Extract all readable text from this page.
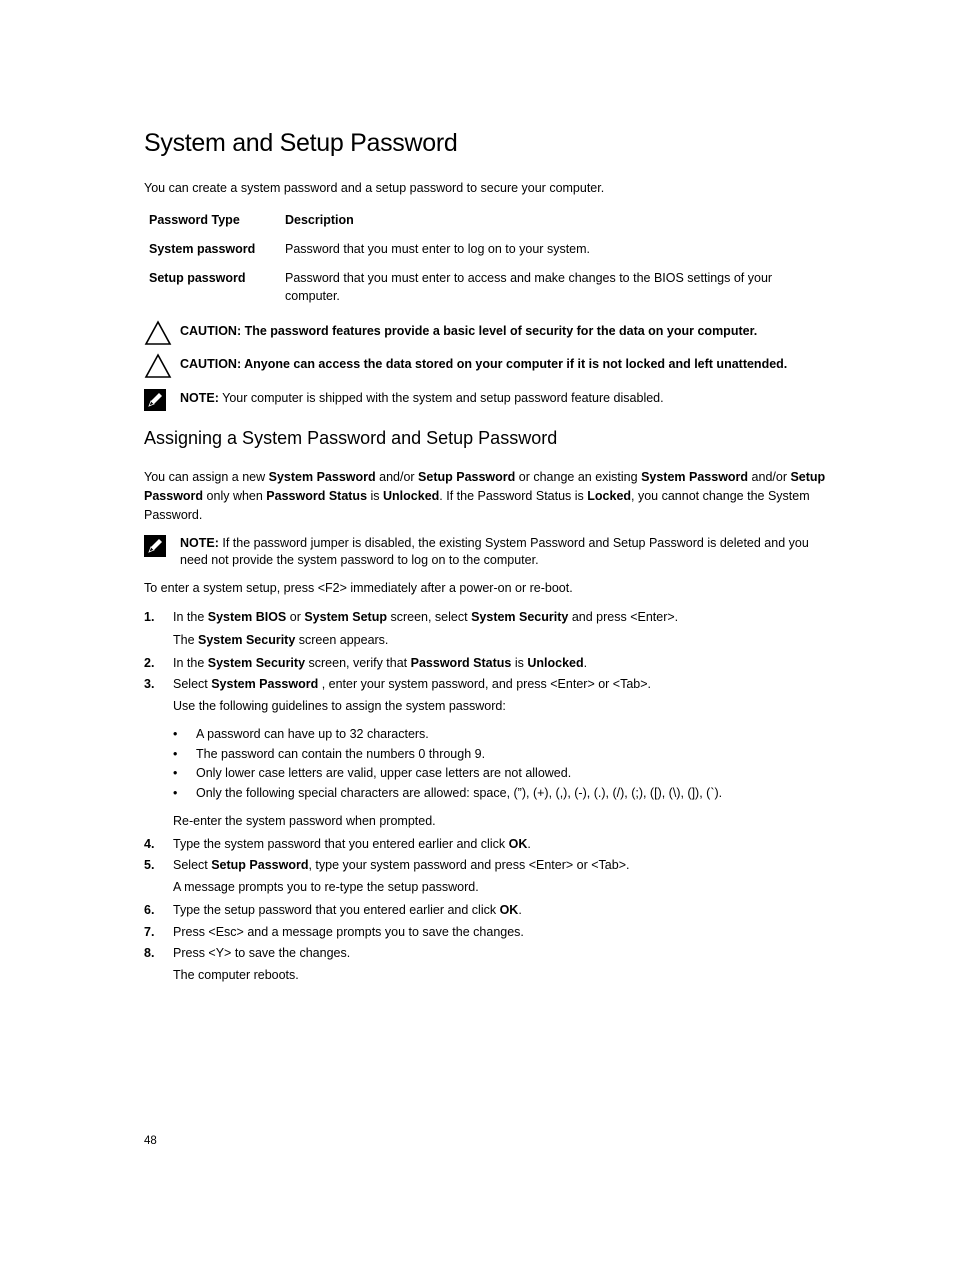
System and Setup Password
You can create a system password and a setup password to secure your computer.
Password Type	Description
System password	Password that you must enter to log on to your system.
Setup password	Password that you must enter to access and make changes to the BIOS settings of your computer.
CAUTION: The password features provide a basic level of security for the data on your computer.
CAUTION: Anyone can access the data stored on your computer if it is not locked and left unattended.
NOTE: Your computer is shipped with the system and setup password feature disabled.
Assigning a System Password and Setup Password
You can assign a new System Password and/or Setup Password or change an existing System Password and/or Setup Password only when Password Status is Unlocked. If the Password Status is Locked, you cannot change the System Password.
NOTE: If the password jumper is disabled, the existing System Password and Setup Password is deleted and you need not provide the system password to log on to the computer.
To enter a system setup, press <F2> immediately after a power-on or re-boot.
1. In the System BIOS or System Setup screen, select System Security and press <Enter>.
The System Security screen appears.
2. In the System Security screen, verify that Password Status is Unlocked.
3. Select System Password , enter your system password, and press <Enter> or <Tab>.
Use the following guidelines to assign the system password:
• A password can have up to 32 characters.
• The password can contain the numbers 0 through 9.
• Only lower case letters are valid, upper case letters are not allowed.
• Only the following special characters are allowed: space, (”), (+), (,), (-), (.), (/), (;), ([), (\), (]), (`).
Re-enter the system password when prompted.
4. Type the system password that you entered earlier and click OK.
5. Select Setup Password, type your system password and press <Enter> or <Tab>.
A message prompts you to re-type the setup password.
6. Type the setup password that you entered earlier and click OK.
7. Press <Esc> and a message prompts you to save the changes.
8. Press <Y> to save the changes.
The computer reboots.
48
